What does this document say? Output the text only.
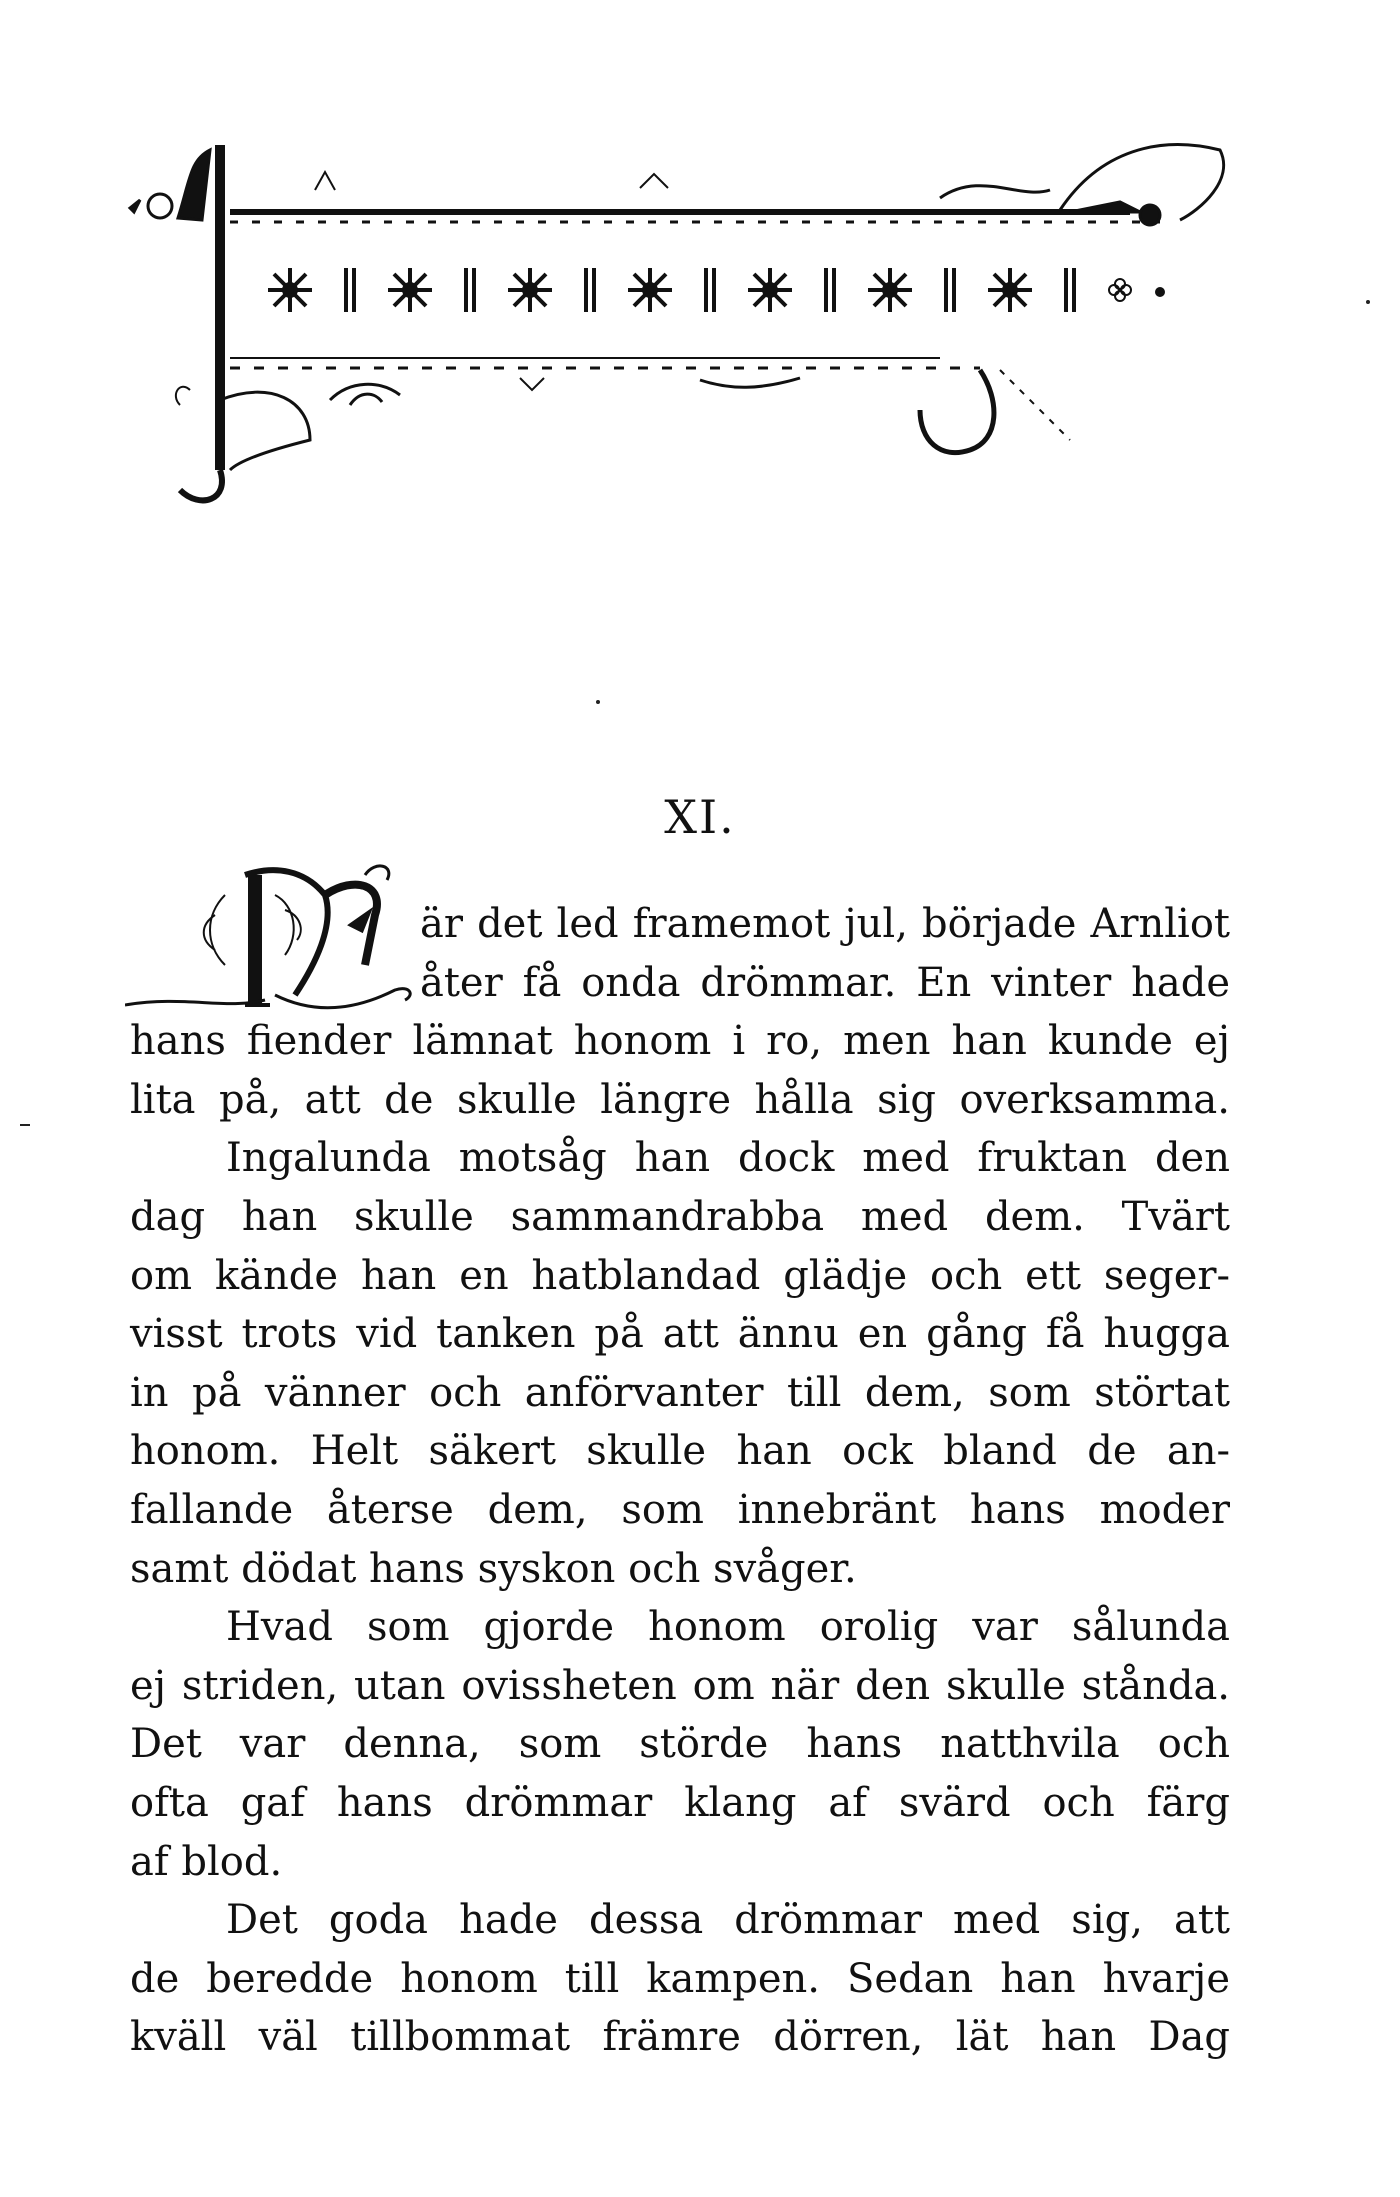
XI.
är det led framemot jul, började Arnliot
åter få onda drömmar. En vinter hade
hans fiender lämnat honom i ro, men han kunde ej
lita på, att de skulle längre hålla sig overksamma.
Ingalunda motsåg han dock med fruktan den
dag han skulle sammandrabba med dem. Tvärt
om kände han en hatblandad glädje och ett seger-
visst trots vid tanken på att ännu en gång få hugga
in på vänner och anförvanter till dem, som störtat
honom. Helt säkert skulle han ock bland de an-
fallande återse dem, som innebränt hans moder
samt dödat hans syskon och svåger.
Hvad som gjorde honom orolig var sålunda
ej striden, utan ovissheten om när den skulle stånda.
Det var denna, som störde hans natthvila och
ofta gaf hans drömmar klang af svärd och färg
af blod.
Det goda hade dessa drömmar med sig, att
de beredde honom till kampen. Sedan han hvarje
kväll väl tillbommat främre dörren, lät han Dag
